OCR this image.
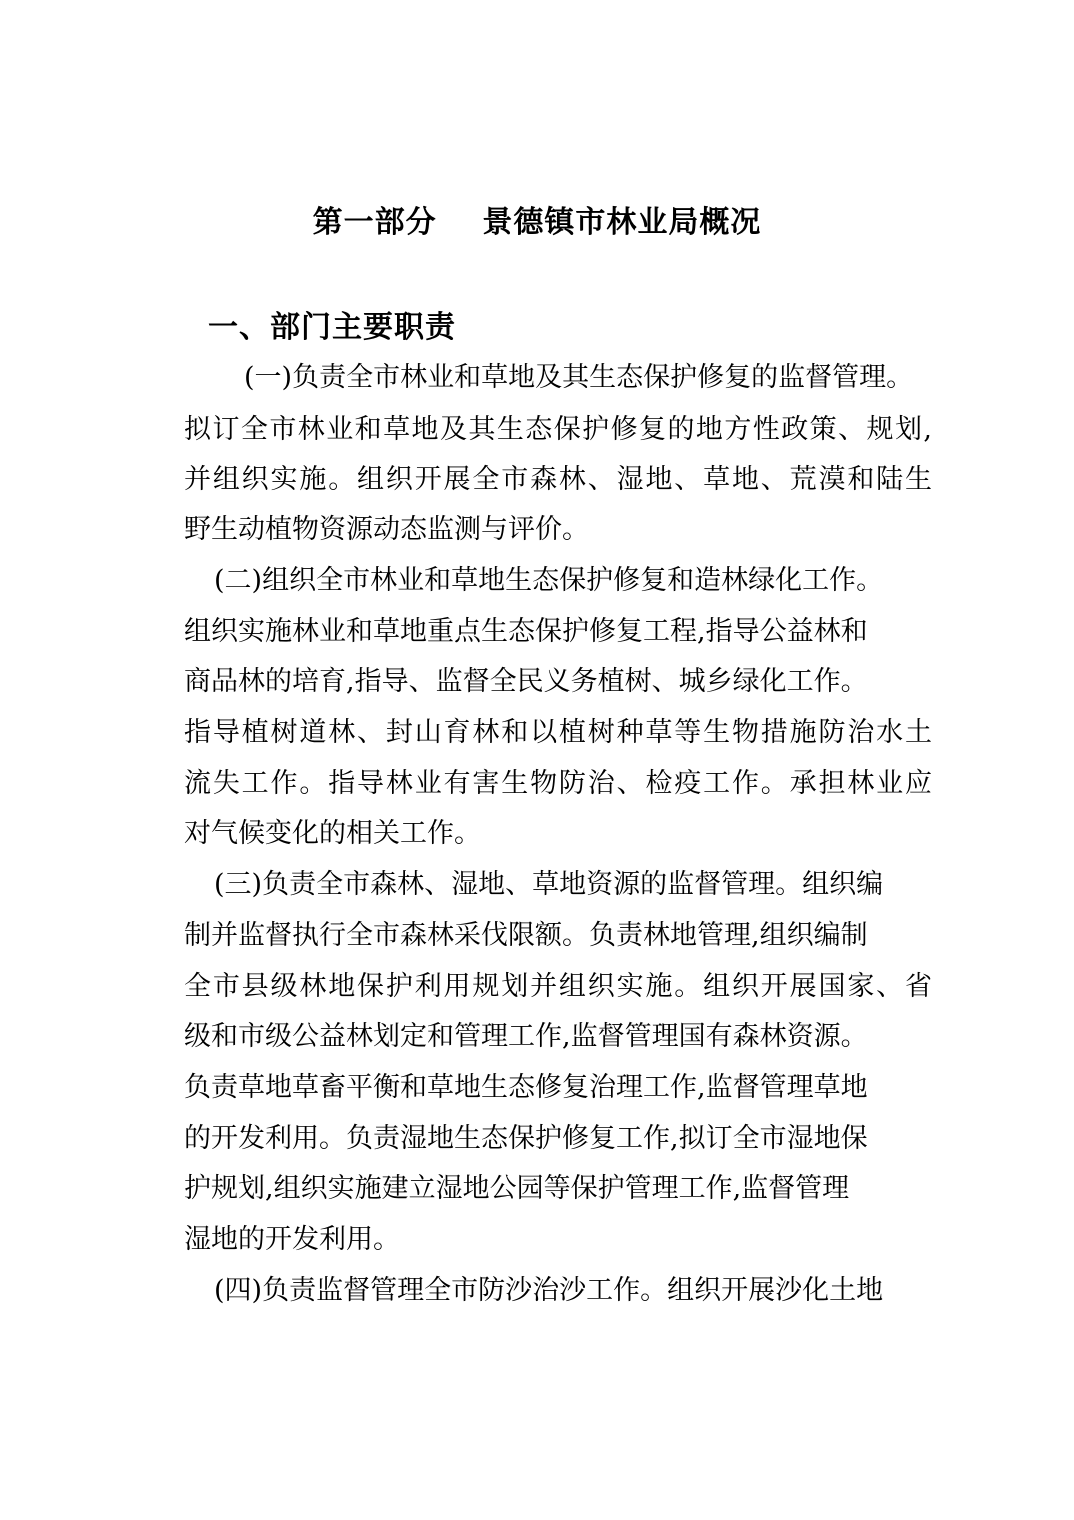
第一部分    景德镇市林业局概况
一、部门主要职责
(一)负责全市林业和草地及其生态保护修复的监督管理。
拟订全市林业和草地及其生态保护修复的地方性政策、规划,
并组织实施。组织开展全市森林、湿地、草地、荒漠和陆生
野生动植物资源动态监测与评价。
(二)组织全市林业和草地生态保护修复和造林绿化工作。
组织实施林业和草地重点生态保护修复工程,指导公益林和
商品林的培育,指导、监督全民义务植树、城乡绿化工作。
指导植树道林、封山育林和以植树种草等生物措施防治水土
流失工作。指导林业有害生物防治、检疫工作。承担林业应
对气候变化的相关工作。
(三)负责全市森林、湿地、草地资源的监督管理。组织编
制并监督执行全市森林采伐限额。负责林地管理,组织编制
全市县级林地保护利用规划并组织实施。组织开展国家、省
级和市级公益林划定和管理工作,监督管理国有森林资源。
负责草地草畜平衡和草地生态修复治理工作,监督管理草地
的开发利用。负责湿地生态保护修复工作,拟订全市湿地保
护规划,组织实施建立湿地公园等保护管理工作,监督管理
湿地的开发利用。
(四)负责监督管理全市防沙治沙工作。组织开展沙化土地
